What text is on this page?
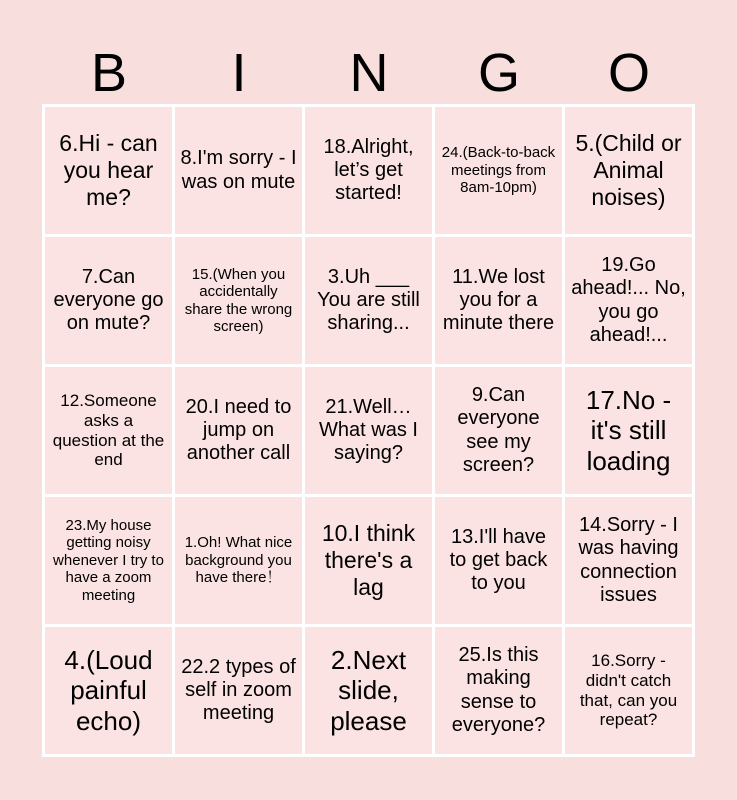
B	I	N	G	O
6.Hi - can you hear me?
8.I'm sorry - I was on mute
18.Alright, let’s get started!
24.(Back-to-back meetings from 8am-10pm)
5.(Child or Animal noises)
7.Can everyone go on mute?
15.(When you accidentally share the wrong screen)
3.Uh ___ You are still sharing...
11.We lost you for a minute there
19.Go ahead!... No, you go ahead!...
12.Someone asks a question at the end
20.I need to jump on another call
21.Well… What was I saying?
9.Can everyone see my screen?
17.No - it's still loading
23.My house getting noisy whenever I try to have a zoom meeting
1.Oh! What nice background you have there！
10.I think there's a lag
13.I'll have to get back to you
14.Sorry - I was having connection issues
4.(Loud painful echo)
22.2 types of self in zoom meeting
2.Next slide, please
25.Is this making sense to everyone?
16.Sorry - didn't catch that, can you repeat?
